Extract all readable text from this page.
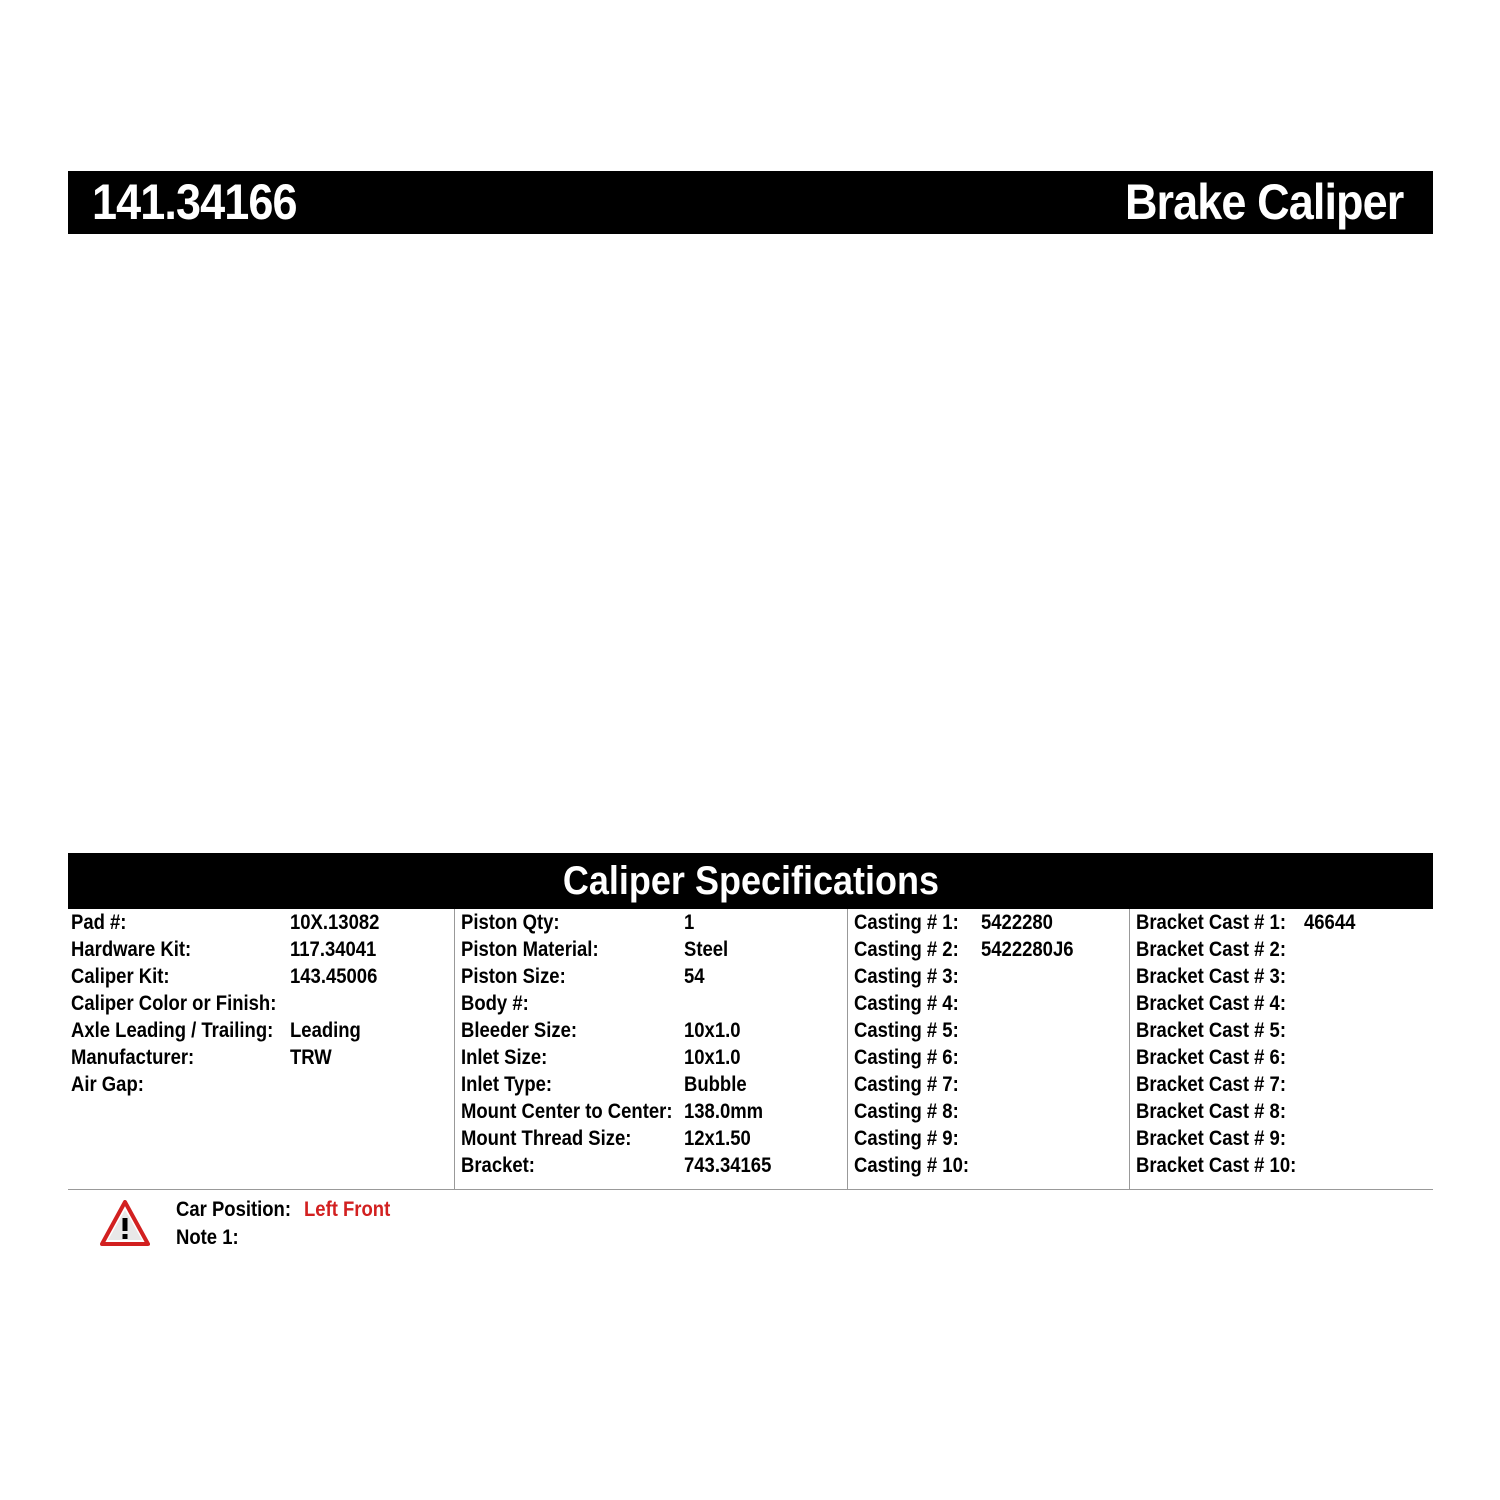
141.34166	Brake Caliper
Caliper Specifications
Pad #:	10X.13082
Hardware Kit:	117.34041
Caliper Kit:	143.45006
Caliper Color or Finish:
Axle Leading / Trailing: Leading
Manufacturer:	TRW
Air Gap:
Piston Qty:	1
Piston Material:	Steel
Piston Size:	54
Body #:
Bleeder Size:	10x1.0
Inlet Size:	10x1.0
Inlet Type:	Bubble
Mount Center to Center: 138.0mm
Mount Thread Size:	12x1.50
Bracket:	743.34165
Casting # 1: 5422280
Casting # 2: 5422280J6
Casting # 3:
Casting # 4:
Casting # 5:
Casting # 6:
Casting # 7:
Casting # 8:
Casting # 9:
Casting # 10:
Bracket Cast # 1: 46644
Bracket Cast # 2:
Bracket Cast # 3:
Bracket Cast # 4:
Bracket Cast # 5:
Bracket Cast # 6:
Bracket Cast # 7:
Bracket Cast # 8:
Bracket Cast # 9:
Bracket Cast # 10:
Car Position: Left Front
Note 1:
